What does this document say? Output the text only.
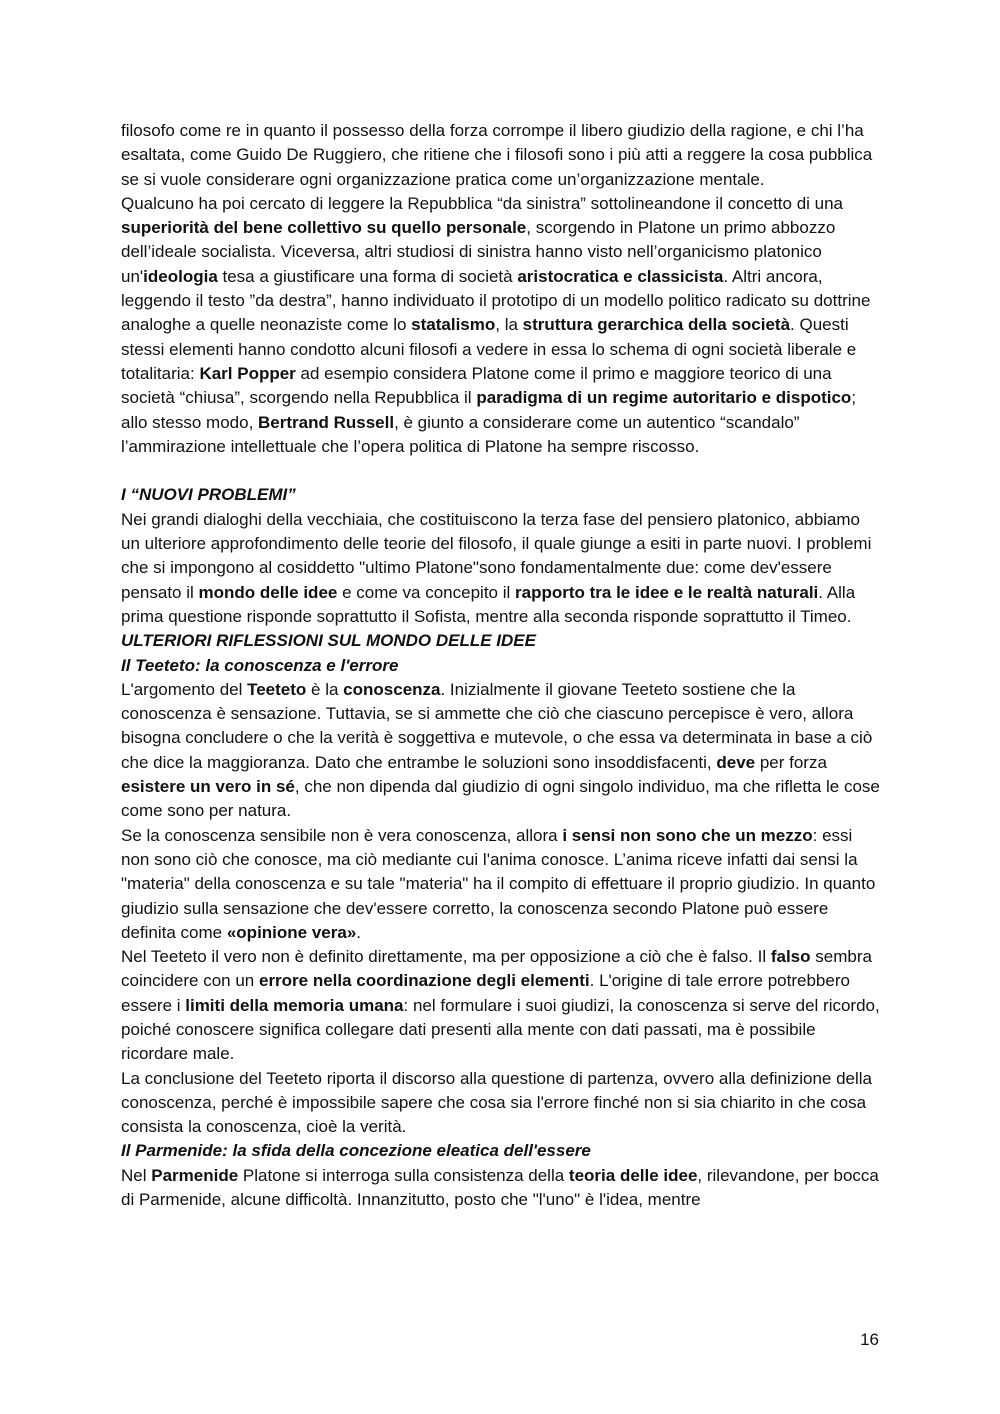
filosofo come re in quanto il possesso della forza corrompe il libero giudizio della ragione, e chi l’ha esaltata, come Guido De Ruggiero, che ritiene che i filosofi sono i più atti a reggere la cosa pubblica se si vuole considerare ogni organizzazione pratica come un’organizzazione mentale.

Qualcuno ha poi cercato di leggere la Repubblica “da sinistra” sottolineandone il concetto di una superiorità del bene collettivo su quello personale, scorgendo in Platone un primo abbozzo dell’ideale socialista. Viceversa, altri studiosi di sinistra hanno visto nell’organicismo platonico un'ideologia tesa a giustificare una forma di società aristocratica e classicista. Altri ancora, leggendo il testo ”da destra”, hanno individuato il prototipo di un modello politico radicato su dottrine analoghe a quelle neonaziste come lo statalismo, la struttura gerarchica della società. Questi stessi elementi hanno condotto alcuni filosofi a vedere in essa lo schema di ogni società liberale e totalitaria: Karl Popper ad esempio considera Platone come il primo e maggiore teorico di una società “chiusa”, scorgendo nella Repubblica il paradigma di un regime autoritario e dispotico; allo stesso modo, Bertrand Russell, è giunto a considerare come un autentico “scandalo” l’ammirazione intellettuale che l’opera politica di Platone ha sempre riscosso.

I “NUOVI PROBLEMI”

Nei grandi dialoghi della vecchiaia, che costituiscono la terza fase del pensiero platonico, abbiamo un ulteriore approfondimento delle teorie del filosofo, il quale giunge a esiti in parte nuovi. I problemi che si impongono al cosiddetto "ultimo Platone"sono fondamentalmente due: come dev'essere pensato il mondo delle idee e come va concepito il rapporto tra le idee e le realtà naturali. Alla prima questione risponde soprattutto il Sofista, mentre alla seconda risponde soprattutto il Timeo.

ULTERIORI RIFLESSIONI SUL MONDO DELLE IDEE
Il Teeteto: la conoscenza e l'errore

L'argomento del Teeteto è la conoscenza. Inizialmente il giovane Teeteto sostiene che la conoscenza è sensazione. Tuttavia, se si ammette che ciò che ciascuno percepisce è vero, allora bisogna concludere o che la verità è soggettiva e mutevole, o che essa va determinata in base a ciò che dice la maggioranza. Dato che entrambe le soluzioni sono insoddisfacenti, deve per forza esistere un vero in sé, che non dipenda dal giudizio di ogni singolo individuo, ma che rifletta le cose come sono per natura.

Se la conoscenza sensibile non è vera conoscenza, allora i sensi non sono che un mezzo: essi non sono ciò che conosce, ma ciò mediante cui l'anima conosce. L’anima riceve infatti dai sensi la "materia" della conoscenza e su tale "materia" ha il compito di effettuare il proprio giudizio. In quanto giudizio sulla sensazione che dev'essere corretto, la conoscenza secondo Platone può essere definita come «opinione vera».

Nel Teeteto il vero non è definito direttamente, ma per opposizione a ciò che è falso. Il falso sembra coincidere con un errore nella coordinazione degli elementi. L'origine di tale errore potrebbero essere i limiti della memoria umana: nel formulare i suoi giudizi, la conoscenza si serve del ricordo, poiché conoscere significa collegare dati presenti alla mente con dati passati, ma è possibile ricordare male.

La conclusione del Teeteto riporta il discorso alla questione di partenza, ovvero alla definizione della conoscenza, perché è impossibile sapere che cosa sia l'errore finché non si sia chiarito in che cosa consista la conoscenza, cioè la verità.

Il Parmenide: la sfida della concezione eleatica dell'essere

Nel Parmenide Platone si interroga sulla consistenza della teoria delle idee, rilevandone, per bocca di Parmenide, alcune difficoltà. Innanzitutto, posto che "l'uno" è l'idea, mentre

16
